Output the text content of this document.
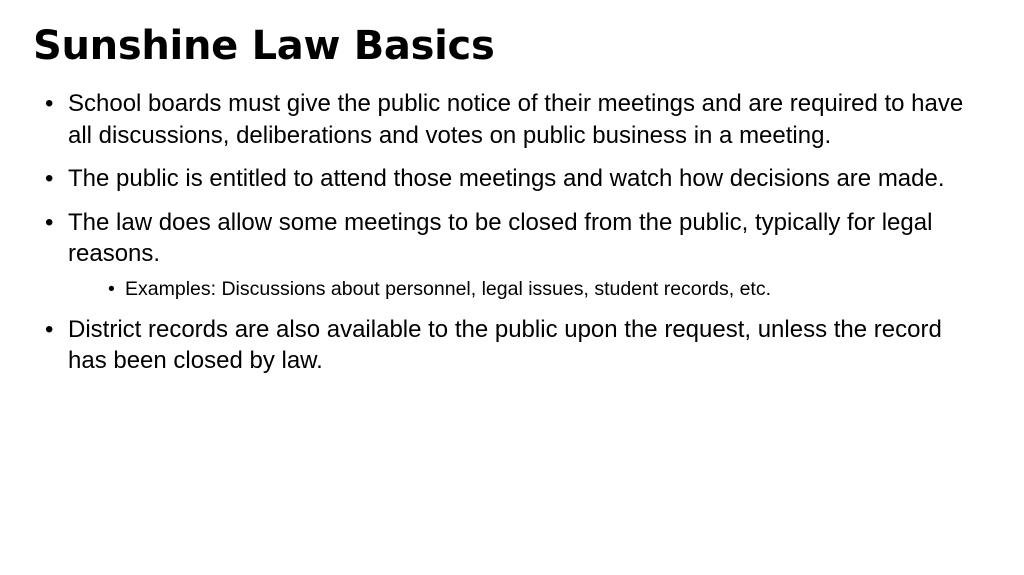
Sunshine Law Basics
• School boards must give the public notice of their meetings and are required to have all discussions, deliberations and votes on public business in a meeting.
• The public is entitled to attend those meetings and watch how decisions are made.
• The law does allow some meetings to be closed from the public, typically for legal reasons.
• Examples: Discussions about personnel, legal issues, student records, etc.
• District records are also available to the public upon the request, unless the record has been closed by law.
